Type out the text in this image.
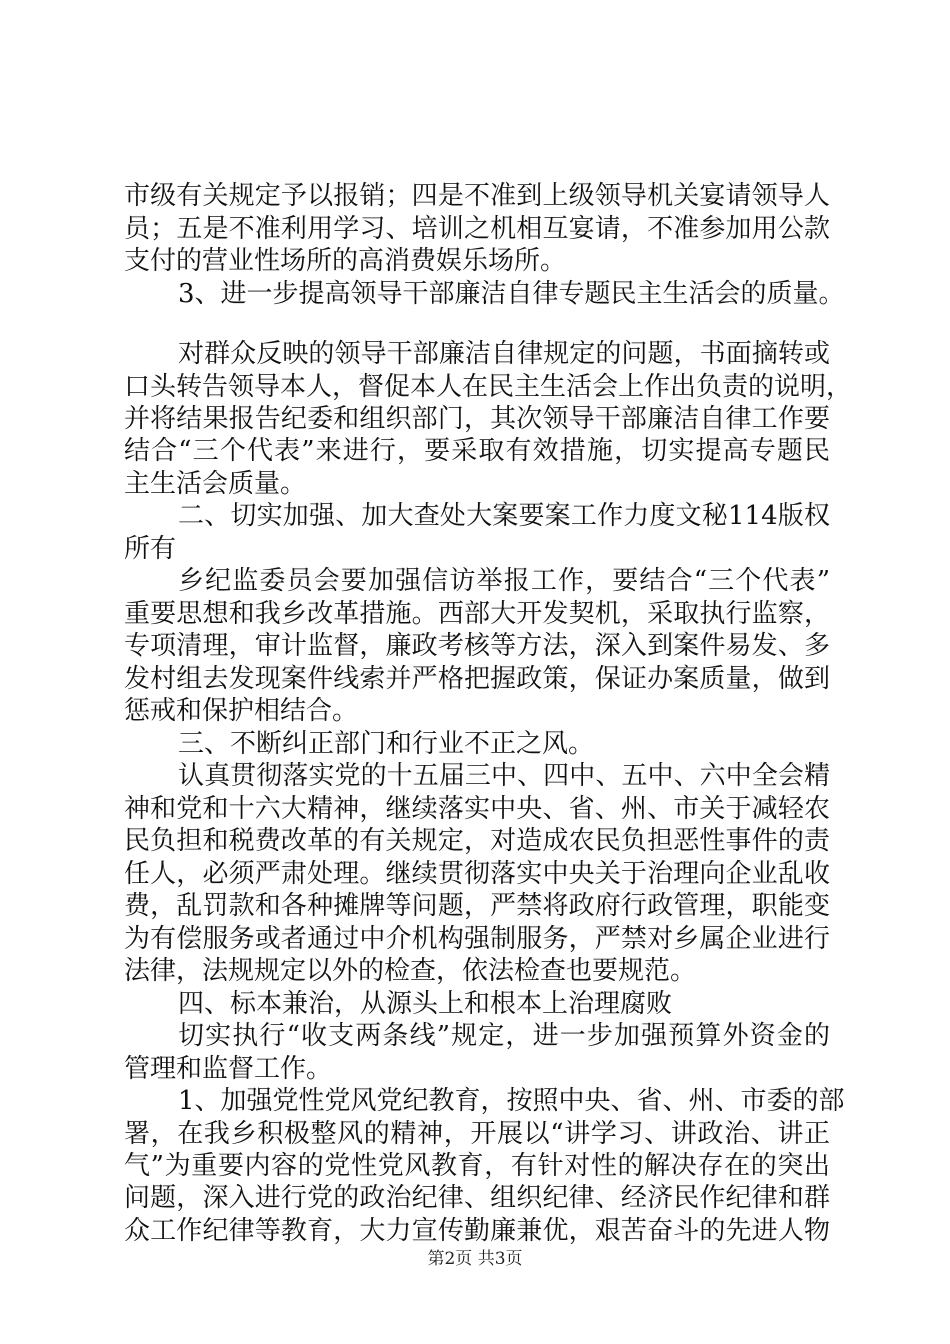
市级有关规定予以报销；四是不准到上级领导机关宴请领导人
员；五是不准利用学习、培训之机相互宴请，不准参加用公款
支付的营业性场所的高消费娱乐场所。
3、进一步提高领导干部廉洁自律专题民主生活会的质量。
对群众反映的领导干部廉洁自律规定的问题，书面摘转或
口头转告领导本人，督促本人在民主生活会上作出负责的说明，
并将结果报告纪委和组织部门，其次领导干部廉洁自律工作要
结合“三个代表”来进行，要采取有效措施，切实提高专题民
主生活会质量。
二、切实加强、加大查处大案要案工作力度文秘114版权
所有
乡纪监委员会要加强信访举报工作，要结合“三个代表”
重要思想和我乡改革措施。西部大开发契机，采取执行监察，
专项清理，审计监督，廉政考核等方法，深入到案件易发、多
发村组去发现案件线索并严格把握政策，保证办案质量，做到
惩戒和保护相结合。
三、不断纠正部门和行业不正之风。
认真贯彻落实党的十五届三中、四中、五中、六中全会精
神和党和十六大精神，继续落实中央、省、州、市关于减轻农
民负担和税费改革的有关规定，对造成农民负担恶性事件的责
任人，必须严肃处理。继续贯彻落实中央关于治理向企业乱收
费，乱罚款和各种摊牌等问题，严禁将政府行政管理，职能变
为有偿服务或者通过中介机构强制服务，严禁对乡属企业进行
法律，法规规定以外的检查，依法检查也要规范。
四、标本兼治，从源头上和根本上治理腐败
切实执行“收支两条线”规定，进一步加强预算外资金的
管理和监督工作。
1、加强党性党风党纪教育，按照中央、省、州、市委的部
署，在我乡积极整风的精神，开展以“讲学习、讲政治、讲正
气”为重要内容的党性党风教育，有针对性的解决存在的突出
问题，深入进行党的政治纪律、组织纪律、经济民作纪律和群
众工作纪律等教育，大力宣传勤廉兼优，艰苦奋斗的先进人物
第2页 共3页
